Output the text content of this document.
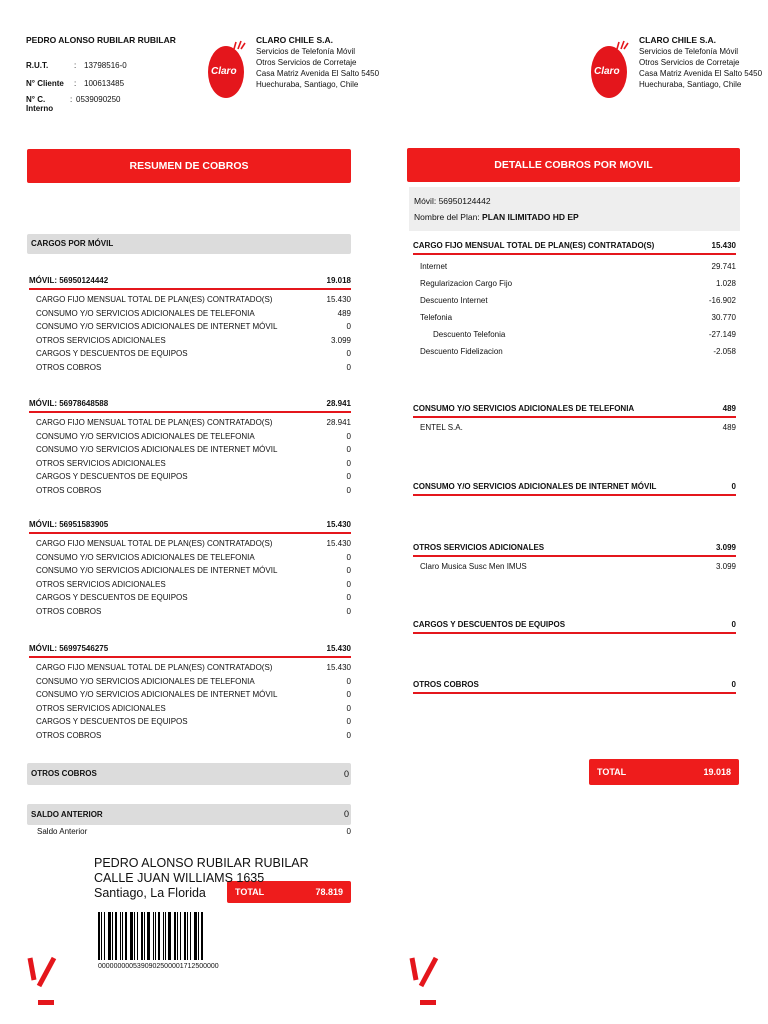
PEDRO ALONSO RUBILAR RUBILAR
R.U.T.	: 13798516-0
N° Cliente	: 100613485
N° C. Interno
: 0539090250
Claro
CLARO CHILE S.A.
Servicios de Telefonía Móvil
Otros Servicios de Corretaje
Casa Matriz Avenida El Salto 5450
Huechuraba, Santiago, Chile
Claro
CLARO CHILE S.A.
Servicios de Telefonía Móvil
Otros Servicios de Corretaje
Casa Matriz Avenida El Salto 5450
Huechuraba, Santiago, Chile
RESUMEN DE COBROS
CARGOS POR MÓVIL
MÓVIL: 56950124442	19.018
CARGO FIJO MENSUAL TOTAL DE PLAN(ES) CONTRATADO(S)	15.430
CONSUMO Y/O SERVICIOS ADICIONALES DE TELEFONIA	489
CONSUMO Y/O SERVICIOS ADICIONALES DE INTERNET MÓVIL	0
OTROS SERVICIOS ADICIONALES	3.099
CARGOS Y DESCUENTOS DE EQUIPOS	0
OTROS COBROS	0
MÓVIL: 56978648588	28.941
CARGO FIJO MENSUAL TOTAL DE PLAN(ES) CONTRATADO(S)	28.941
CONSUMO Y/O SERVICIOS ADICIONALES DE TELEFONIA	0
CONSUMO Y/O SERVICIOS ADICIONALES DE INTERNET MÓVIL	0
OTROS SERVICIOS ADICIONALES	0
CARGOS Y DESCUENTOS DE EQUIPOS	0
OTROS COBROS	0
MÓVIL: 56951583905	15.430
CARGO FIJO MENSUAL TOTAL DE PLAN(ES) CONTRATADO(S)	15.430
CONSUMO Y/O SERVICIOS ADICIONALES DE TELEFONIA	0
CONSUMO Y/O SERVICIOS ADICIONALES DE INTERNET MÓVIL	0
OTROS SERVICIOS ADICIONALES	0
CARGOS Y DESCUENTOS DE EQUIPOS	0
OTROS COBROS	0
MÓVIL: 56997546275	15.430
CARGO FIJO MENSUAL TOTAL DE PLAN(ES) CONTRATADO(S)	15.430
CONSUMO Y/O SERVICIOS ADICIONALES DE TELEFONIA	0
CONSUMO Y/O SERVICIOS ADICIONALES DE INTERNET MÓVIL	0
OTROS SERVICIOS ADICIONALES	0
CARGOS Y DESCUENTOS DE EQUIPOS	0
OTROS COBROS	0
OTROS COBROS	0
SALDO ANTERIOR	0
Saldo Anterior	0
TOTAL	78.819
PEDRO ALONSO RUBILAR RUBILAR
CALLE JUAN WILLIAMS 1635
Santiago, La Florida
0000000005390902500001712500000
DETALLE COBROS POR MOVIL
Móvil: 56950124442
Nombre del Plan: PLAN ILIMITADO HD EP
CARGO FIJO MENSUAL TOTAL DE PLAN(ES) CONTRATADO(S)	15.430
Internet	29.741
Regularizacion Cargo Fijo	1.028
Descuento Internet	-16.902
Telefonia	30.770
Descuento Telefonia	-27.149
Descuento Fidelizacion	-2.058
CONSUMO Y/O SERVICIOS ADICIONALES DE TELEFONIA	489
ENTEL S.A.	489
CONSUMO Y/O SERVICIOS ADICIONALES DE INTERNET MÓVIL	0
OTROS SERVICIOS ADICIONALES	3.099
Claro Musica Susc Men IMUS	3.099
CARGOS Y DESCUENTOS DE EQUIPOS	0
OTROS COBROS	0
TOTAL	19.018
